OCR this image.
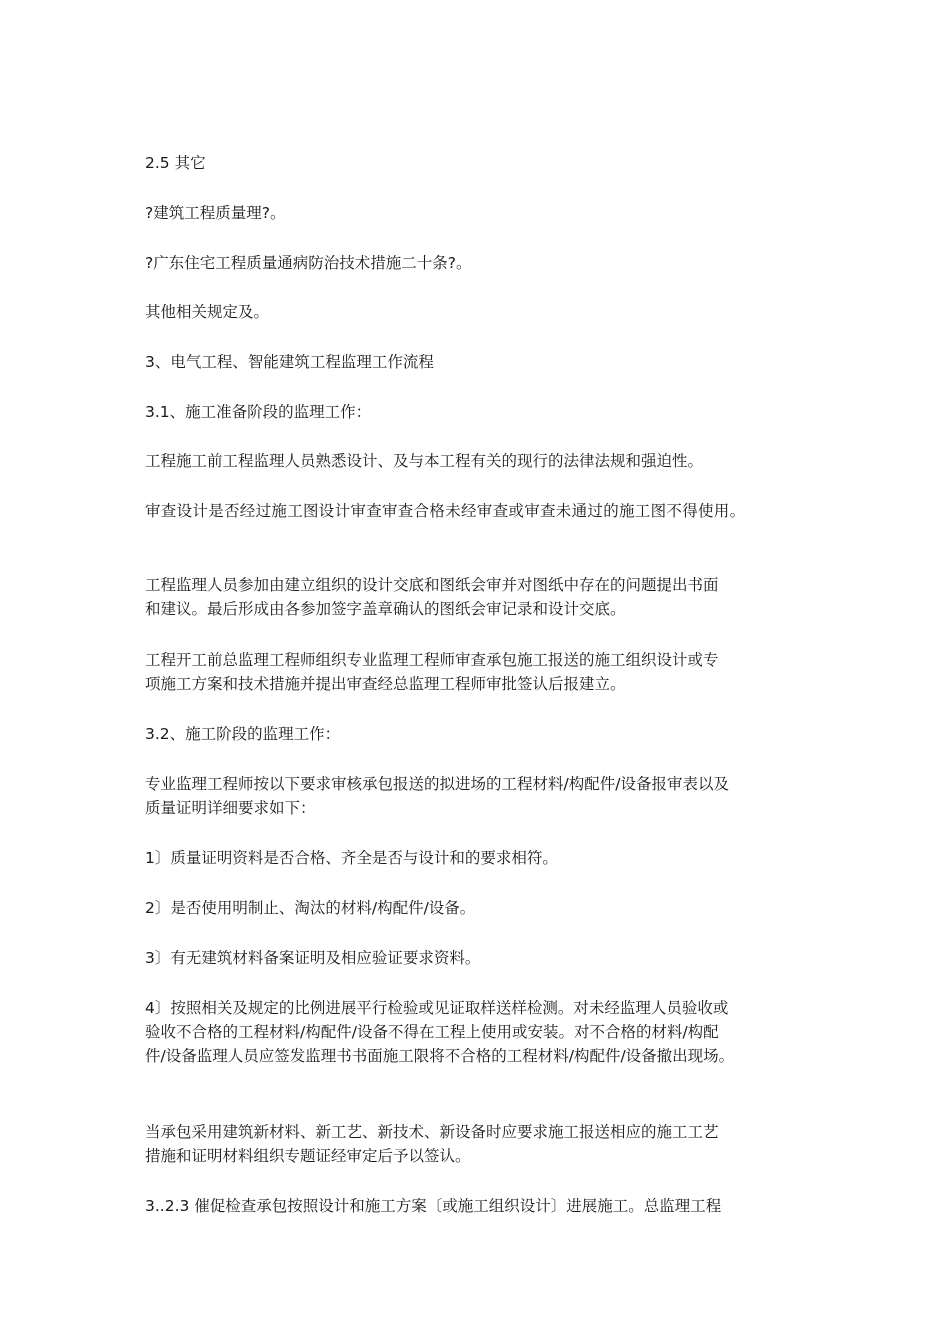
2.5 其它

?建筑工程质量理?。

?广东住宅工程质量通病防治技术措施二十条?。

其他相关规定及。

3、电气工程、智能建筑工程监理工作流程

3.1、施工准备阶段的监理工作：

工程施工前工程监理人员熟悉设计、及与本工程有关的现行的法律法规和强迫性。

审查设计是否经过施工图设计审查审查合格未经审查或审查未通过的施工图不得使用。

工程监理人员参加由建立组织的设计交底和图纸会审并对图纸中存在的问题提出书面
和建议。最后形成由各参加签字盖章确认的图纸会审记录和设计交底。

工程开工前总监理工程师组织专业监理工程师审查承包施工报送的施工组织设计或专
项施工方案和技术措施并提出审查经总监理工程师审批签认后报建立。

3.2、施工阶段的监理工作：

专业监理工程师按以下要求审核承包报送的拟进场的工程材料/构配件/设备报审表以及
质量证明详细要求如下：

1〕质量证明资料是否合格、齐全是否与设计和的要求相符。

2〕是否使用明制止、淘汰的材料/构配件/设备。

3〕有无建筑材料备案证明及相应验证要求资料。

4〕按照相关及规定的比例进展平行检验或见证取样送样检测。对未经监理人员验收或
验收不合格的工程材料/构配件/设备不得在工程上使用或安装。对不合格的材料/构配
件/设备监理人员应签发监理书书面施工限将不合格的工程材料/构配件/设备撤出现场。

当承包采用建筑新材料、新工艺、新技术、新设备时应要求施工报送相应的施工工艺
措施和证明材料组织专题证经审定后予以签认。

3..2.3 催促检查承包按照设计和施工方案〔或施工组织设计〕进展施工。总监理工程
